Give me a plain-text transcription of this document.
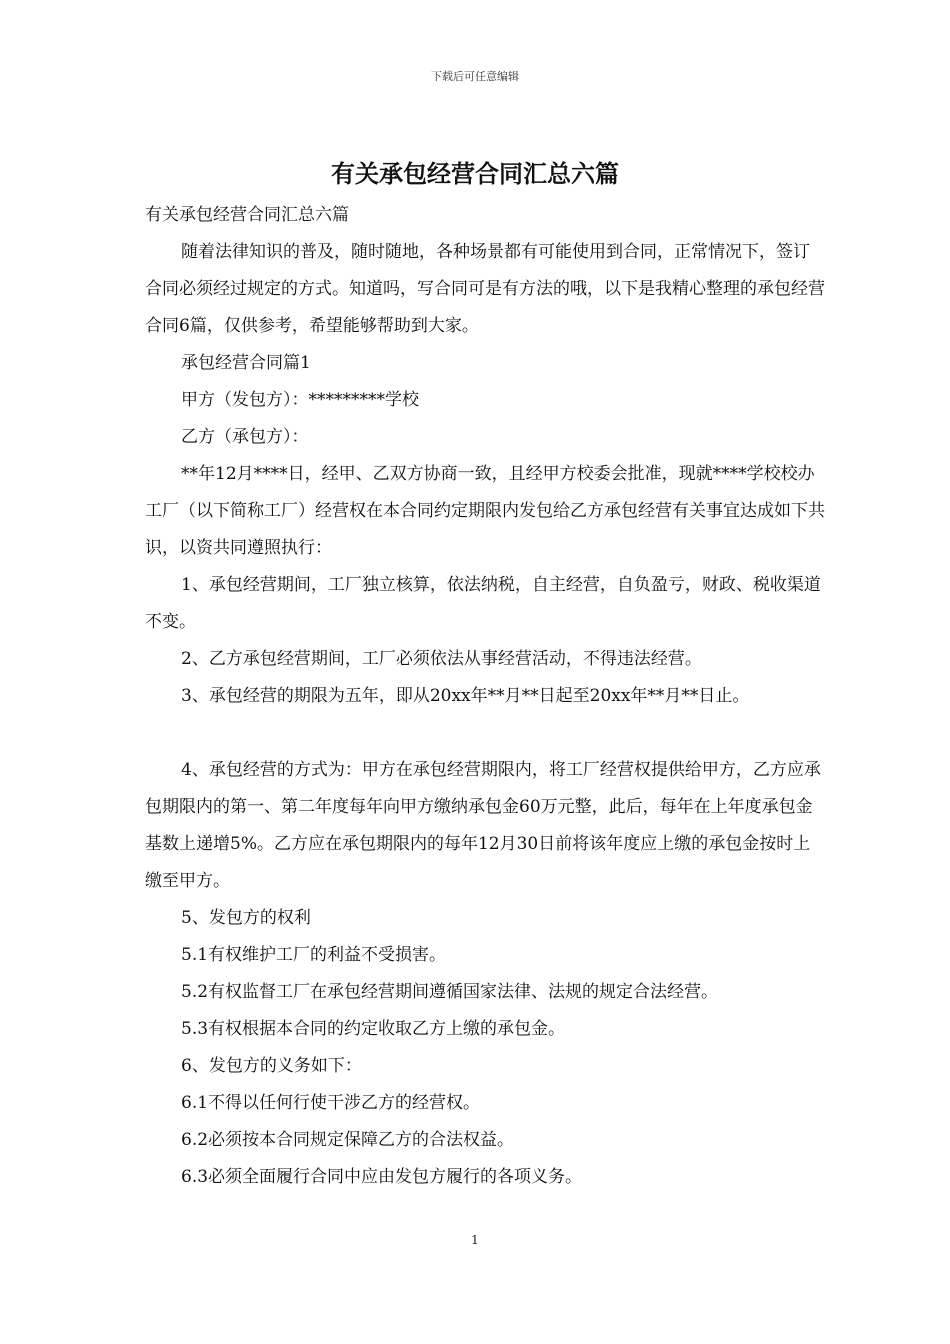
下载后可任意编辑
有关承包经营合同汇总六篇

有关承包经营合同汇总六篇

随着法律知识的普及，随时随地，各种场景都有可能使用到合同，正常情况下，签订合同必须经过规定的方式。知道吗，写合同可是有方法的哦，以下是我精心整理的承包经营合同6篇，仅供参考，希望能够帮助到大家。

承包经营合同篇1

甲方（发包方）：*********学校

乙方（承包方）：

**年12月****日，经甲、乙双方协商一致，且经甲方校委会批准，现就****学校校办工厂（以下简称工厂）经营权在本合同约定期限内发包给乙方承包经营有关事宜达成如下共识，以资共同遵照执行：

1、承包经营期间，工厂独立核算，依法纳税，自主经营，自负盈亏，财政、税收渠道不变。

2、乙方承包经营期间，工厂必须依法从事经营活动，不得违法经营。

3、承包经营的期限为五年，即从20xx年**月**日起至20xx年**月**日止。

4、承包经营的方式为：甲方在承包经营期限内，将工厂经营权提供给甲方，乙方应承包期限内的第一、第二年度每年向甲方缴纳承包金60万元整，此后，每年在上年度承包金基数上递增5%。乙方应在承包期限内的每年12月30日前将该年度应上缴的承包金按时上缴至甲方。

5、发包方的权利

5.1有权维护工厂的利益不受损害。

5.2有权监督工厂在承包经营期间遵循国家法律、法规的规定合法经营。

5.3有权根据本合同的约定收取乙方上缴的承包金。

6、发包方的义务如下：

6.1不得以任何行使干涉乙方的经营权。

6.2必须按本合同规定保障乙方的合法权益。

6.3必须全面履行合同中应由发包方履行的各项义务。

1
